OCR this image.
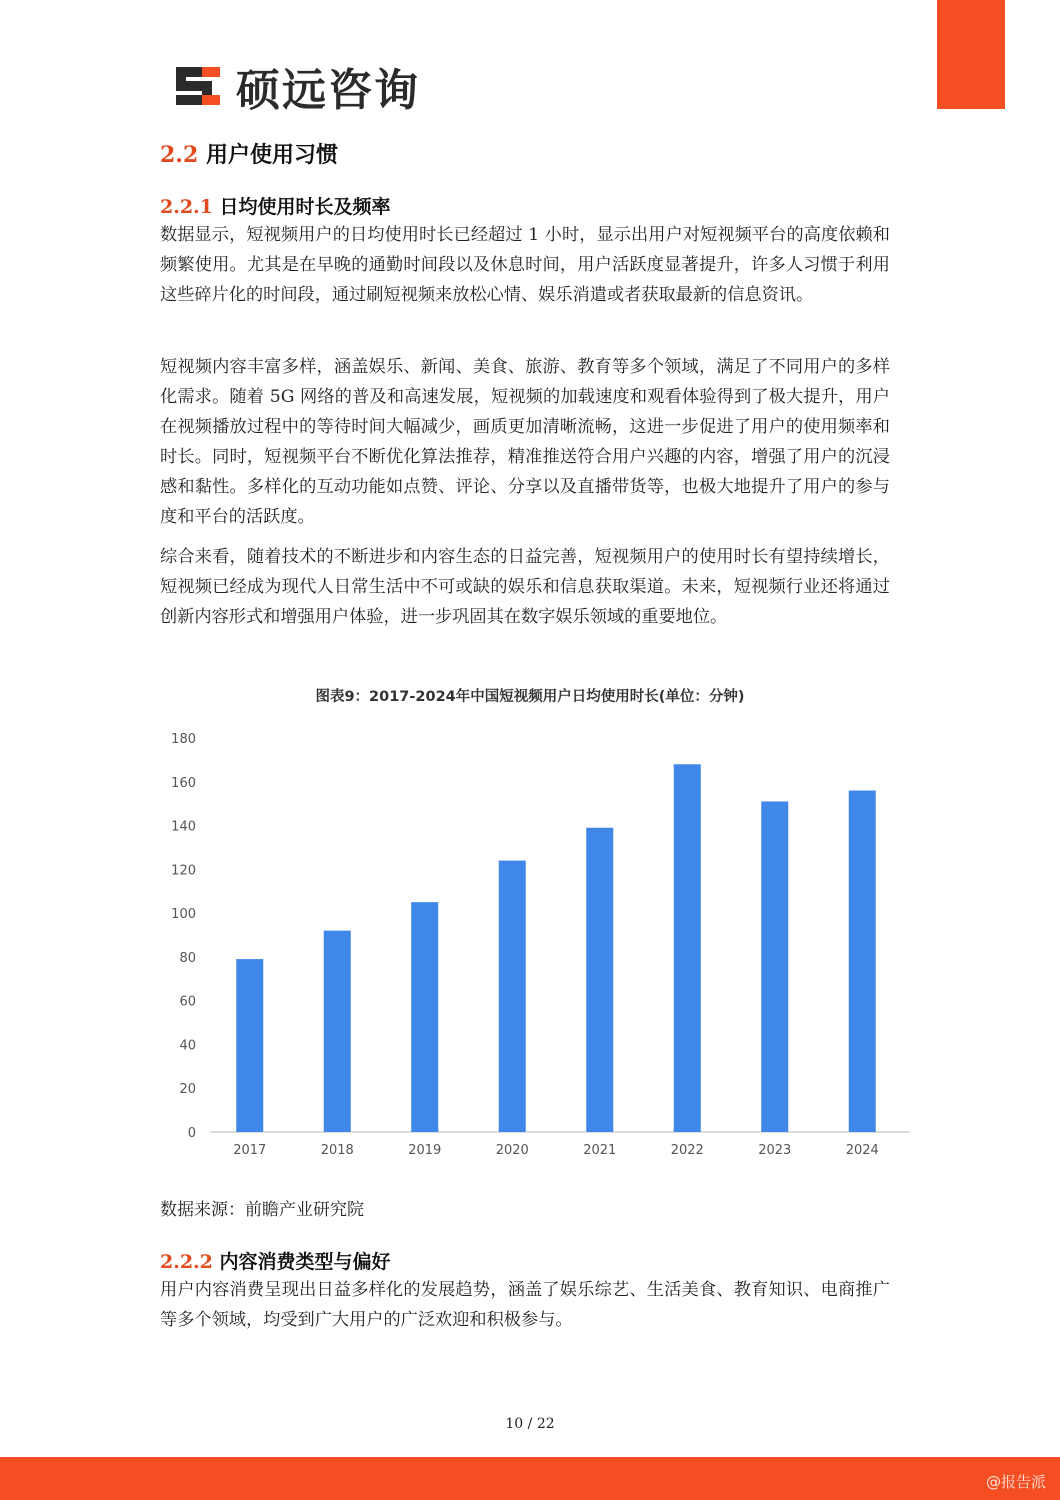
硕远咨询
2.2 用户使用习惯
2.2.1 日均使用时长及频率

数据显示，短视频用户的日均使用时长已经超过 1 小时，显示出用户对短视频平台的高度依赖和频繁使用。尤其是在早晚的通勤时间段以及休息时间，用户活跃度显著提升，许多人习惯于利用这些碎片化的时间段，通过刷短视频来放松心情、娱乐消遣或者获取最新的信息资讯。

短视频内容丰富多样，涵盖娱乐、新闻、美食、旅游、教育等多个领域，满足了不同用户的多样化需求。随着 5G 网络的普及和高速发展，短视频的加载速度和观看体验得到了极大提升，用户在视频播放过程中的等待时间大幅减少，画质更加清晰流畅，这进一步促进了用户的使用频率和时长。同时，短视频平台不断优化算法推荐，精准推送符合用户兴趣的内容，增强了用户的沉浸感和黏性。多样化的互动功能如点赞、评论、分享以及直播带货等，也极大地提升了用户的参与度和平台的活跃度。

综合来看，随着技术的不断进步和内容生态的日益完善，短视频用户的使用时长有望持续增长，短视频已经成为现代人日常生活中不可或缺的娱乐和信息获取渠道。未来，短视频行业还将通过创新内容形式和增强用户体验，进一步巩固其在数字娱乐领域的重要地位。

图表9：2017-2024年中国短视频用户日均使用时长(单位：分钟)
0
20
40
60
80
100
120
140
160
180
2017	2018	2019	2020	2021	2022	2023	2024
数据来源：前瞻产业研究院
2.2.2 内容消费类型与偏好

用户内容消费呈现出日益多样化的发展趋势，涵盖了娱乐综艺、生活美食、教育知识、电商推广等多个领域，均受到广大用户的广泛欢迎和积极参与。

10 / 22
@报告派
